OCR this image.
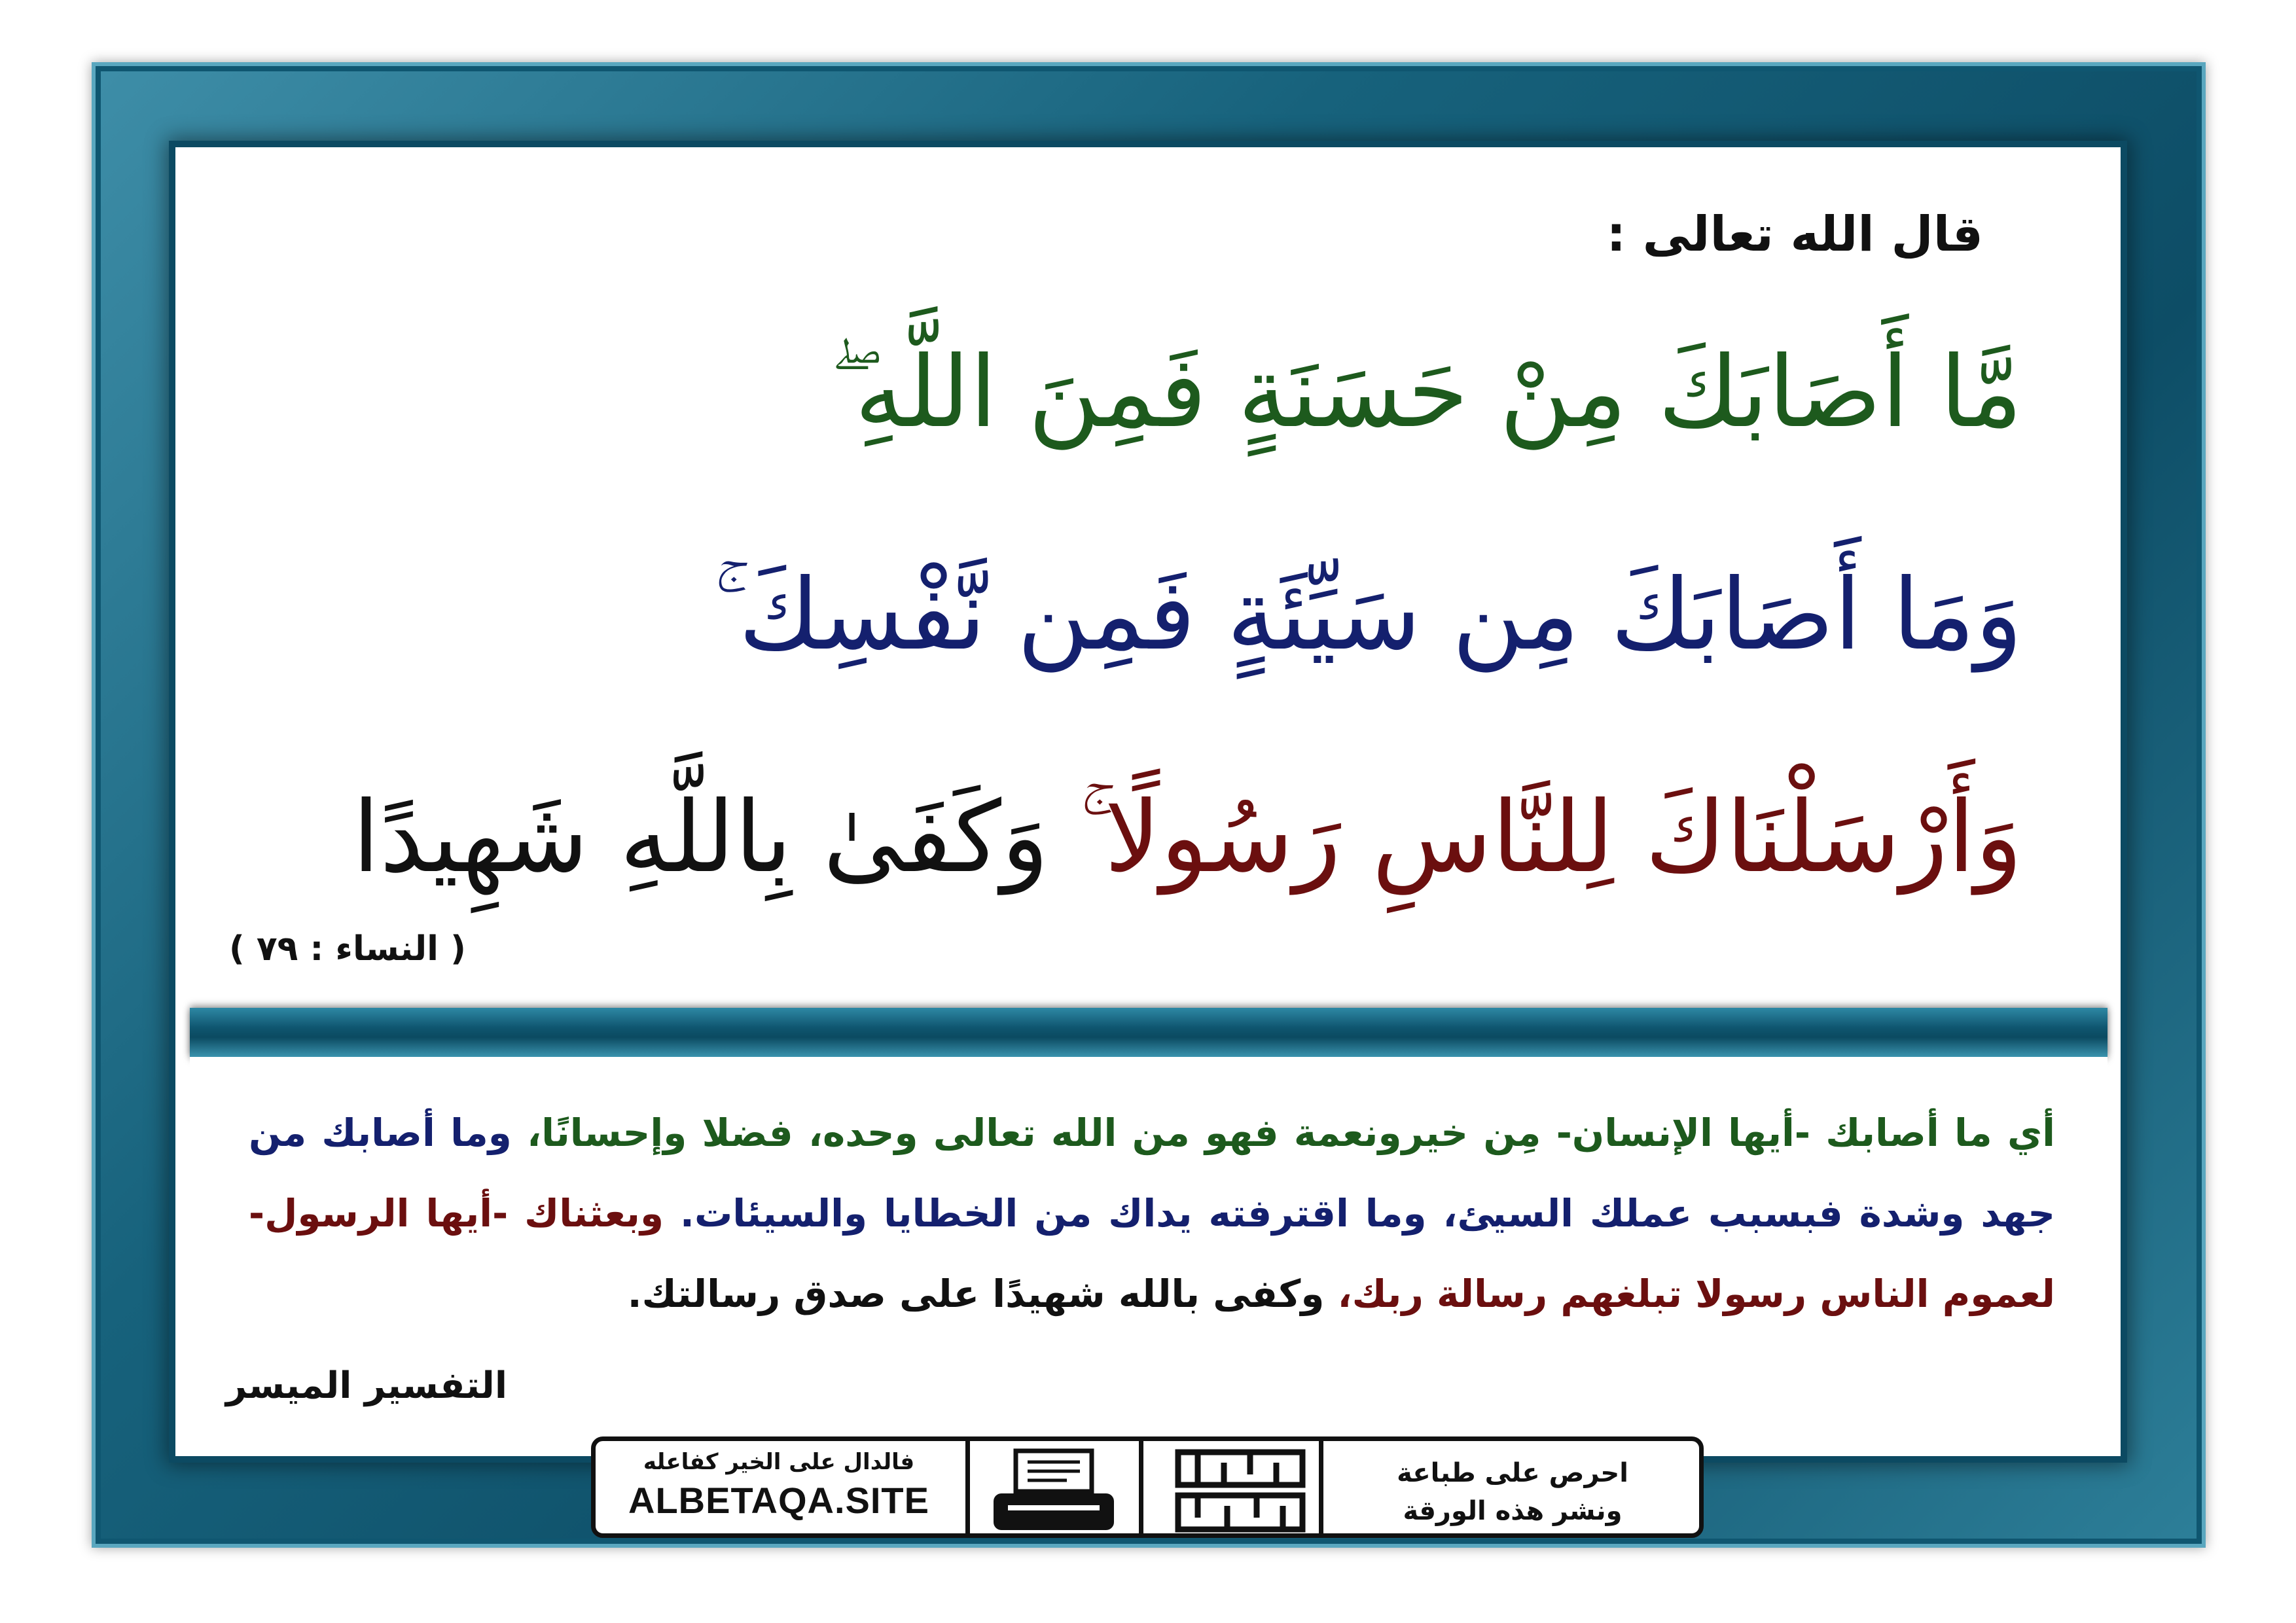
قال الله تعالى :
مَّا أَصَابَكَ مِنْ حَسَنَةٍ فَمِنَ اللَّهِ ۖ
وَمَا أَصَابَكَ مِن سَيِّئَةٍ فَمِن نَّفْسِكَ ۚ
وَأَرْسَلْنَاكَ لِلنَّاسِ رَسُولًا ۚ وَكَفَىٰ بِاللَّهِ شَهِيدًا
( النساء : ٧٩ )
أي ما أصابك -أيها الإنسان- مِن خيرونعمة فهو من الله تعالى وحده، فضلا وإحسانًا، وما أصابك من جهد وشدة فبسبب عملك السيئ، وما اقترفته يداك من الخطايا والسيئات. وبعثناك -أيها الرسول- لعموم الناس رسولا تبلغهم رسالة ربك، وكفى بالله شهيدًا على صدق رسالتك.
التفسير الميسر
فالدال على الخير كفاعله
ALBETAQA.SITE
احرص على طباعة
ونشر هذه الورقة
